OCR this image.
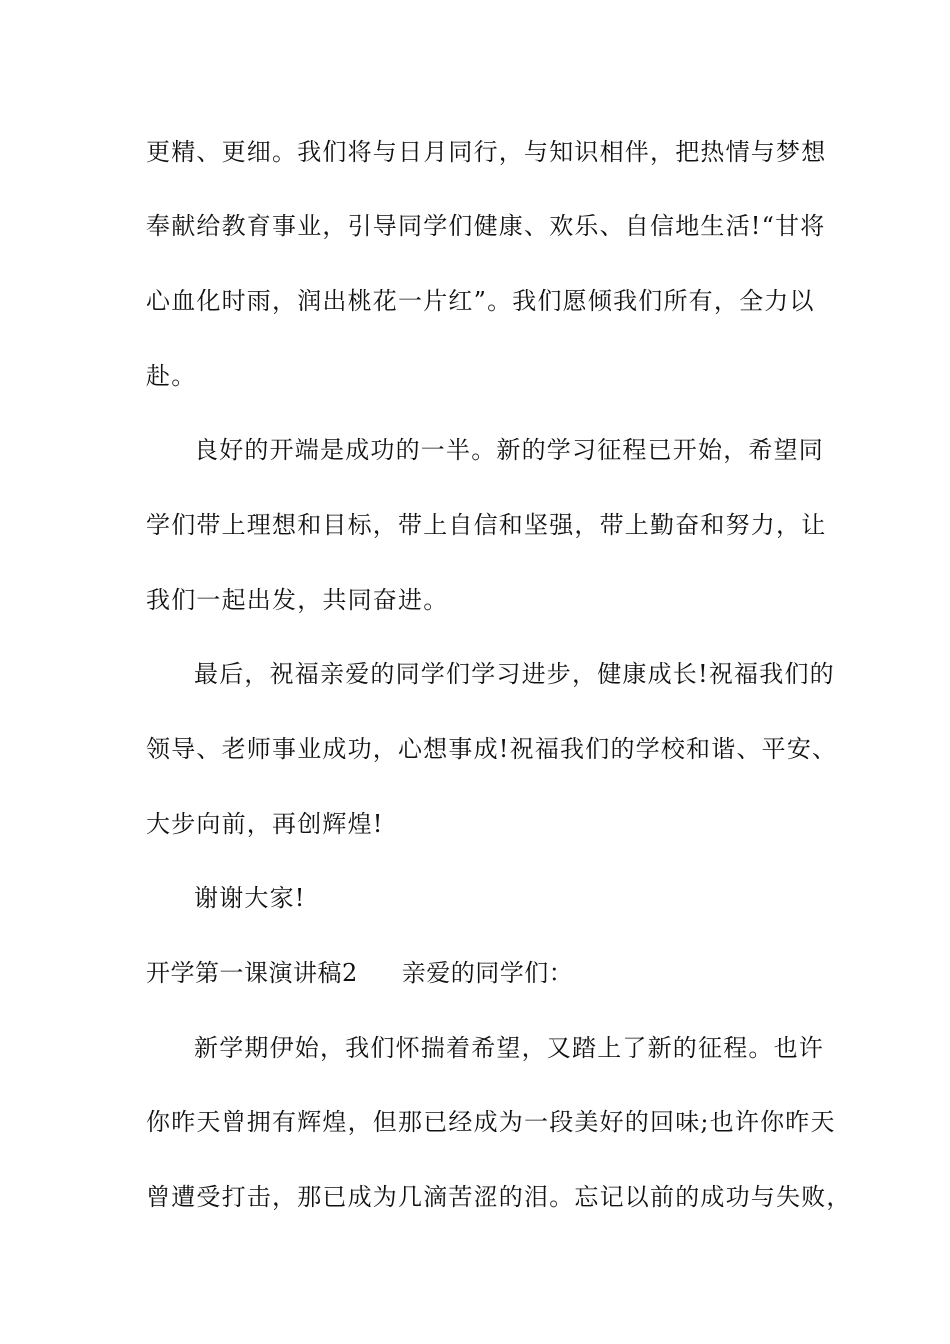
更精、更细。我们将与日月同行，与知识相伴，把热情与梦想

奉献给教育事业，引导同学们健康、欢乐、自信地生活!“甘将

心血化时雨，润出桃花一片红”。我们愿倾我们所有，全力以

赴。

良好的开端是成功的一半。新的学习征程已开始，希望同

学们带上理想和目标，带上自信和坚强，带上勤奋和努力，让

我们一起出发，共同奋进。

最后，祝福亲爱的同学们学习进步，健康成长!祝福我们的

领导、老师事业成功，心想事成!祝福我们的学校和谐、平安、

大步向前，再创辉煌!

谢谢大家!

开学第一课演讲稿2 亲爱的同学们：

新学期伊始，我们怀揣着希望，又踏上了新的征程。也许

你昨天曾拥有辉煌，但那已经成为一段美好的回味;也许你昨天

曾遭受打击，那已成为几滴苦涩的泪。忘记以前的成功与失败，
